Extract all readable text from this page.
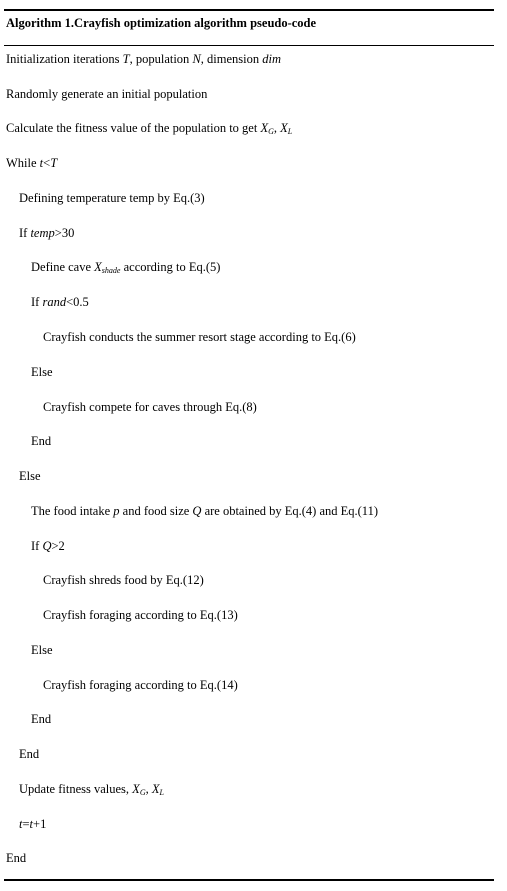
Algorithm 1.Crayfish optimization algorithm pseudo-code
Initialization iterations T, population N, dimension dim
Randomly generate an initial population
Calculate the fitness value of the population to get $X_G$, $X_L$
While t<T
Defining temperature temp by Eq.(3)
If temp>30
Define cave $X_{shade}$ according to Eq.(5)
If rand<0.5
Crayfish conducts the summer resort stage according to Eq.(6)
Else
Crayfish compete for caves through Eq.(8)
End
Else
The food intake p and food size Q are obtained by Eq.(4) and Eq.(11)
If Q>2
Crayfish shreds food by Eq.(12)
Crayfish foraging according to Eq.(13)
Else
Crayfish foraging according to Eq.(14)
End
End
Update fitness values, $X_G$, $X_L$
t=t+1
End
